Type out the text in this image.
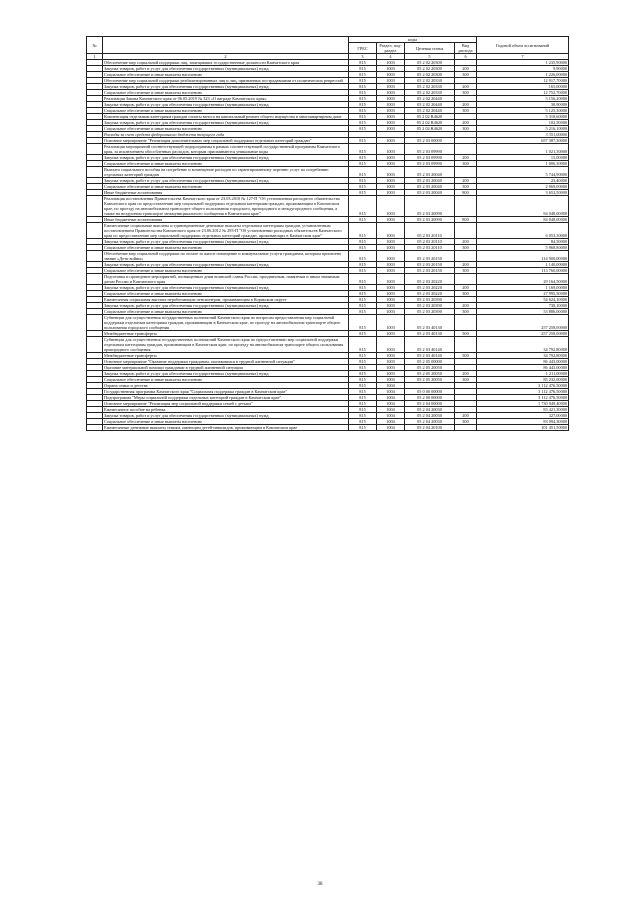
№		коды				Годовой объем ассигнований
		ГРБС	Раздел, под-раздел	Целевая статья	Вид расхода	
1	2	3	4	5	6	7
	Обеспечение мер социальной поддержки лиц, замещавших государственные должности Камчатского края	815	1003	05 2 02 20300		1 235,90000
	Закупка товаров, работ и услуг для обеспечения государственных (муниципальных) нужд	815	1003	05 2 02 20300	200	9,90000
	Социальное обеспечение и иные выплаты населению	815	1003	05 2 02 20300	300	1 226,00000
	Обеспечение мер социальной поддержки реабилитированных лиц и лиц, признанных пострадавшими от политических репрессий	815	1003	05 2 02 20330		12 917,70000
	Закупка товаров, работ и услуг для обеспечения государственных (муниципальных) нужд	815	1003	05 2 02 20330	200	165,00000
	Социальное обеспечение и иные выплаты населению	815	1003	05 2 02 20330	300	12 752,70000
	Реализация Закона Камчатского края от 06.05.2019 № 323 «О награде Камчатского края»	815	1003	05 2 02 20440		5 156,20000
	Закупка товаров, работ и услуг для обеспечения государственных (муниципальных) нужд	815	1003	05 2 02 20440	200	30,90000
	Социальное обеспечение и иные выплаты населению	815	1003	05 2 02 20440	300	5 125,30000
	Компенсация отдельным категориям граждан оплаты взноса на капитальный ремонт общего имущества в многоквартирном доме	815	1003	05 2 02 R4620		5 318,60000
	Закупка товаров, работ и услуг для обеспечения государственных (муниципальных) нужд	815	1003	05 2 02 R4620	200	102,50000
	Социальное обеспечение и иные выплаты населению	815	1003	05 2 02 R4620	300	5 216,10000
	Расходы за счет средств федерального бюджета текущего года					3 351,00000
	Основное мероприятие "Реализация дополнительных мер социальной поддержки отдельных категорий граждан"	815	1003	05 2 03 00000		657 387,30000
	Реализация мероприятий соответствующей подпрограммы в рамках соответствующей государственной программы Камчатского края, за исключением обособленных расходов, которым присваиваются уникальные коды	815	1003	05 2 03 09990		1 021,30000
	Закупка товаров, работ и услуг для обеспечения государственных (муниципальных) нужд	815	1003	05 2 03 09990	200	15,00000
	Социальное обеспечение и иные выплаты населению	815	1003	05 2 03 09990	300	1 006,30000
	Выплата социального пособия на погребение и возмещение расходов по гарантированному перечню услуг по погребению отдельных категорий граждан	815	1003	05 2 03 20040		5 744,90000
	Закупка товаров, работ и услуг для обеспечения государственных (муниципальных) нужд	815	1003	05 2 03 20040	200	23,40000
	Социальное обеспечение и иные выплаты населению	815	1003	05 2 03 20040	300	2 069,00000
	Иные бюджетные ассигнования	815	1003	05 2 03 20040	800	3 652,50000
	Реализация постановления Правительства Камчатского края от 23.03.2010 № 127-П "Об установлении расходного обязательства Камчатского края по предоставлению мер социальной поддержки отдельным категориям граждан, проживающим в Камчатском крае, по проезду на автомобильном транспорте общего пользования городского, пригородного и междугородного сообщения, а также на воздушном транспорте межмуниципального сообщения в Камчатском крае"	815	1003	05 2 03 20090		84 048,00000
	Иные бюджетные ассигнования	815	1003	05 2 03 20090	800	84 048,00000
	Ежемесячные социальные выплаты и единовременные денежные выплаты отдельным категориям граждан, установленным постановлением Правительства Камчатского края от 23.06.2012 № 293-П "Об установлении расходных обязательств Камчатского края по предоставлению мер социальной поддержки отдельных категорий граждан, проживающих в Камчатском крае"	815	1003	05 2 03 20110		6 053,30000
	Закупка товаров, работ и услуг для обеспечения государственных (муниципальных) нужд	815	1003	05 2 03 20110	200	84,50000
	Социальное обеспечение и иные выплаты населению	815	1003	05 2 03 20110	300	5 968,80000
	Обеспечение мер социальной поддержки по оплате за жилое помещение и коммунальные услуги гражданам, которым присвоено звание «Дети войны»	815	1003	05 2 03 20150		114 900,00000
	Закупка товаров, работ и услуг для обеспечения государственных (муниципальных) нужд	815	1003	05 2 03 20150	200	1 140,00000
	Социальное обеспечение и иные выплаты населению	815	1003	05 2 03 20150	300	113 760,00000
	Подготовка и проведение мероприятий, посвященных дням воинской славы России, праздничным, памятным и иным значимым датам России и Камчатского края	815	1003	05 2 03 20220		29 164,50000
	Закупка товаров, работ и услуг для обеспечения государственных (муниципальных) нужд	815	1003	05 2 03 20220	200	1 169,00000
	Социальное обеспечение и иные выплаты населению	815	1003	05 2 03 20220	300	27 995,50000
	Ежемесячная социальная выплата неработающим пенсионерам, проживающим в Корякском округе	815	1003	05 2 03 20390		54 624,10000
	Закупка товаров, работ и услуг для обеспечения государственных (муниципальных) нужд	815	1003	05 2 03 20390	200	738,10000
	Социальное обеспечение и иные выплаты населению	815	1003	05 2 03 20390	300	53 886,00000
	Субвенции для осуществления государственных полномочий Камчатского края по вопросам предоставления мер социальной поддержки отдельным категориям граждан, проживающим в Камчатском крае, по проезду на автомобильном транспорте общего пользования городского сообщения	815	1003	05 2 03 40130		257 258,00000
	Межбюджетные трансферты	815	1003	05 2 03 40130	500	257 258,00000
	Субвенции для осуществления государственных полномочий Камчатского края по предоставлению мер социальной поддержки отдельным категориям граждан, проживающим в Камчатском крае, по проезду на автомобильном транспорте общего пользования пригородного сообщения	815	1003	05 2 03 40140		34 792,80000
	Межбюджетные трансферты	815	1003	05 2 03 40140	500	34 792,80000
	Основное мероприятие "Оказание поддержки гражданам, оказавшимся в трудной жизненной ситуации"	815	1003	05 2 05 00000		86 443,00000
	Оказание материальной помощи гражданам в трудной жизненной ситуации	815	1003	05 2 05 20050		86 443,00000
	Закупка товаров, работ и услуг для обеспечения государственных (муниципальных) нужд	815	1003	05 2 05 20050	200	1 211,00000
	Социальное обеспечение и иные выплаты населению	815	1003	05 2 05 20050	300	85 232,00000
	Охрана семьи и детства	815	1004			3 112 476,50000
	Государственная программа Камчатского края "Социальная поддержка граждан в Камчатском крае"	815	1004	05 0 00 00000		3 112 476,50000
	Подпрограмма "Меры социальной поддержки отдельных категорий граждан в Камчатском крае"	815	1004	05 2 00 00000		3 112 476,50000
	Основное мероприятие "Реализация мер социальной поддержки семей с детьми"	815	1004	05 2 04 00000		1 730 949,40000
	Ежемесячное пособие на ребенка	815	1004	05 2 04 20030		83 421,30000
	Закупка товаров, работ и услуг для обеспечения государственных (муниципальных) нужд	815	1004	05 2 04 20030	200	327,00000
	Социальное обеспечение и иные выплаты населению	815	1004	05 2 04 20030	300	83 094,30000
	Ежемесячные денежные выплаты семьям, имеющим детей-инвалидов, проживающим в Камчатском крае	815	1004	05 2 04 20100		101 451,50000
38
